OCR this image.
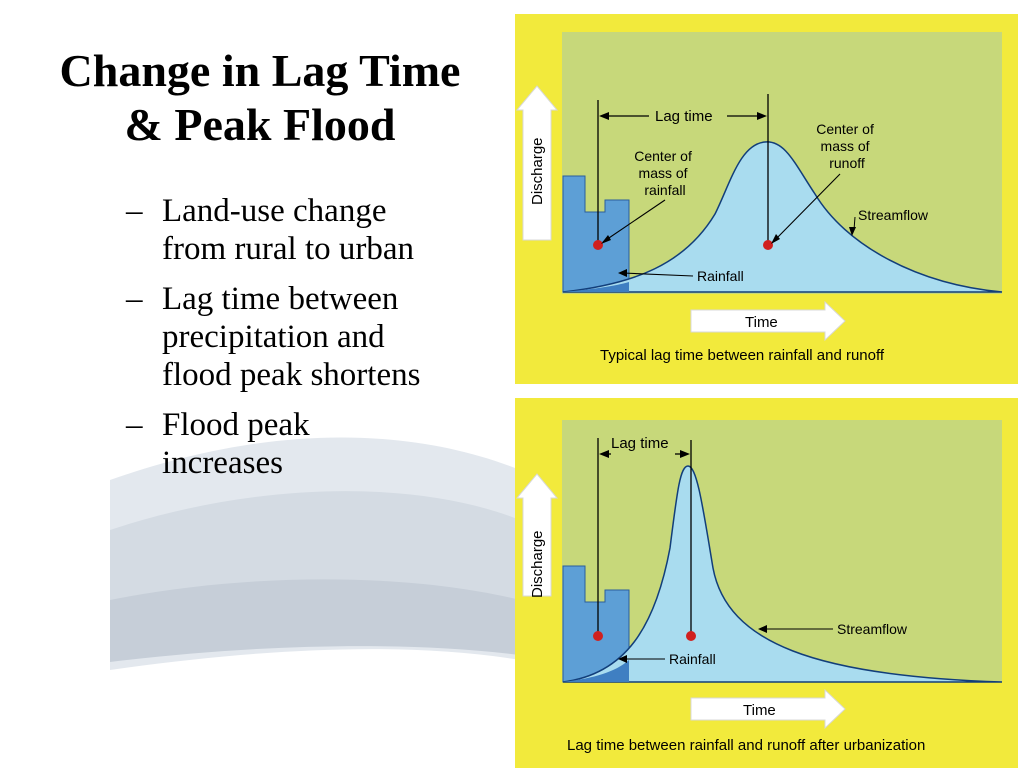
Change in Lag Time
& Peak Flood
– Land-use change
from rural to urban
– Lag time between
precipitation and
flood peak shortens
– Flood peak
increases
Discharge
Lag time
Center of mass of rainfall
Center of mass of runoff
Streamflow
Rainfall
Time
Typical lag time between rainfall and runoff
Discharge
Lag time
Streamflow
Rainfall
Time
Lag time between rainfall and runoff after urbanization
